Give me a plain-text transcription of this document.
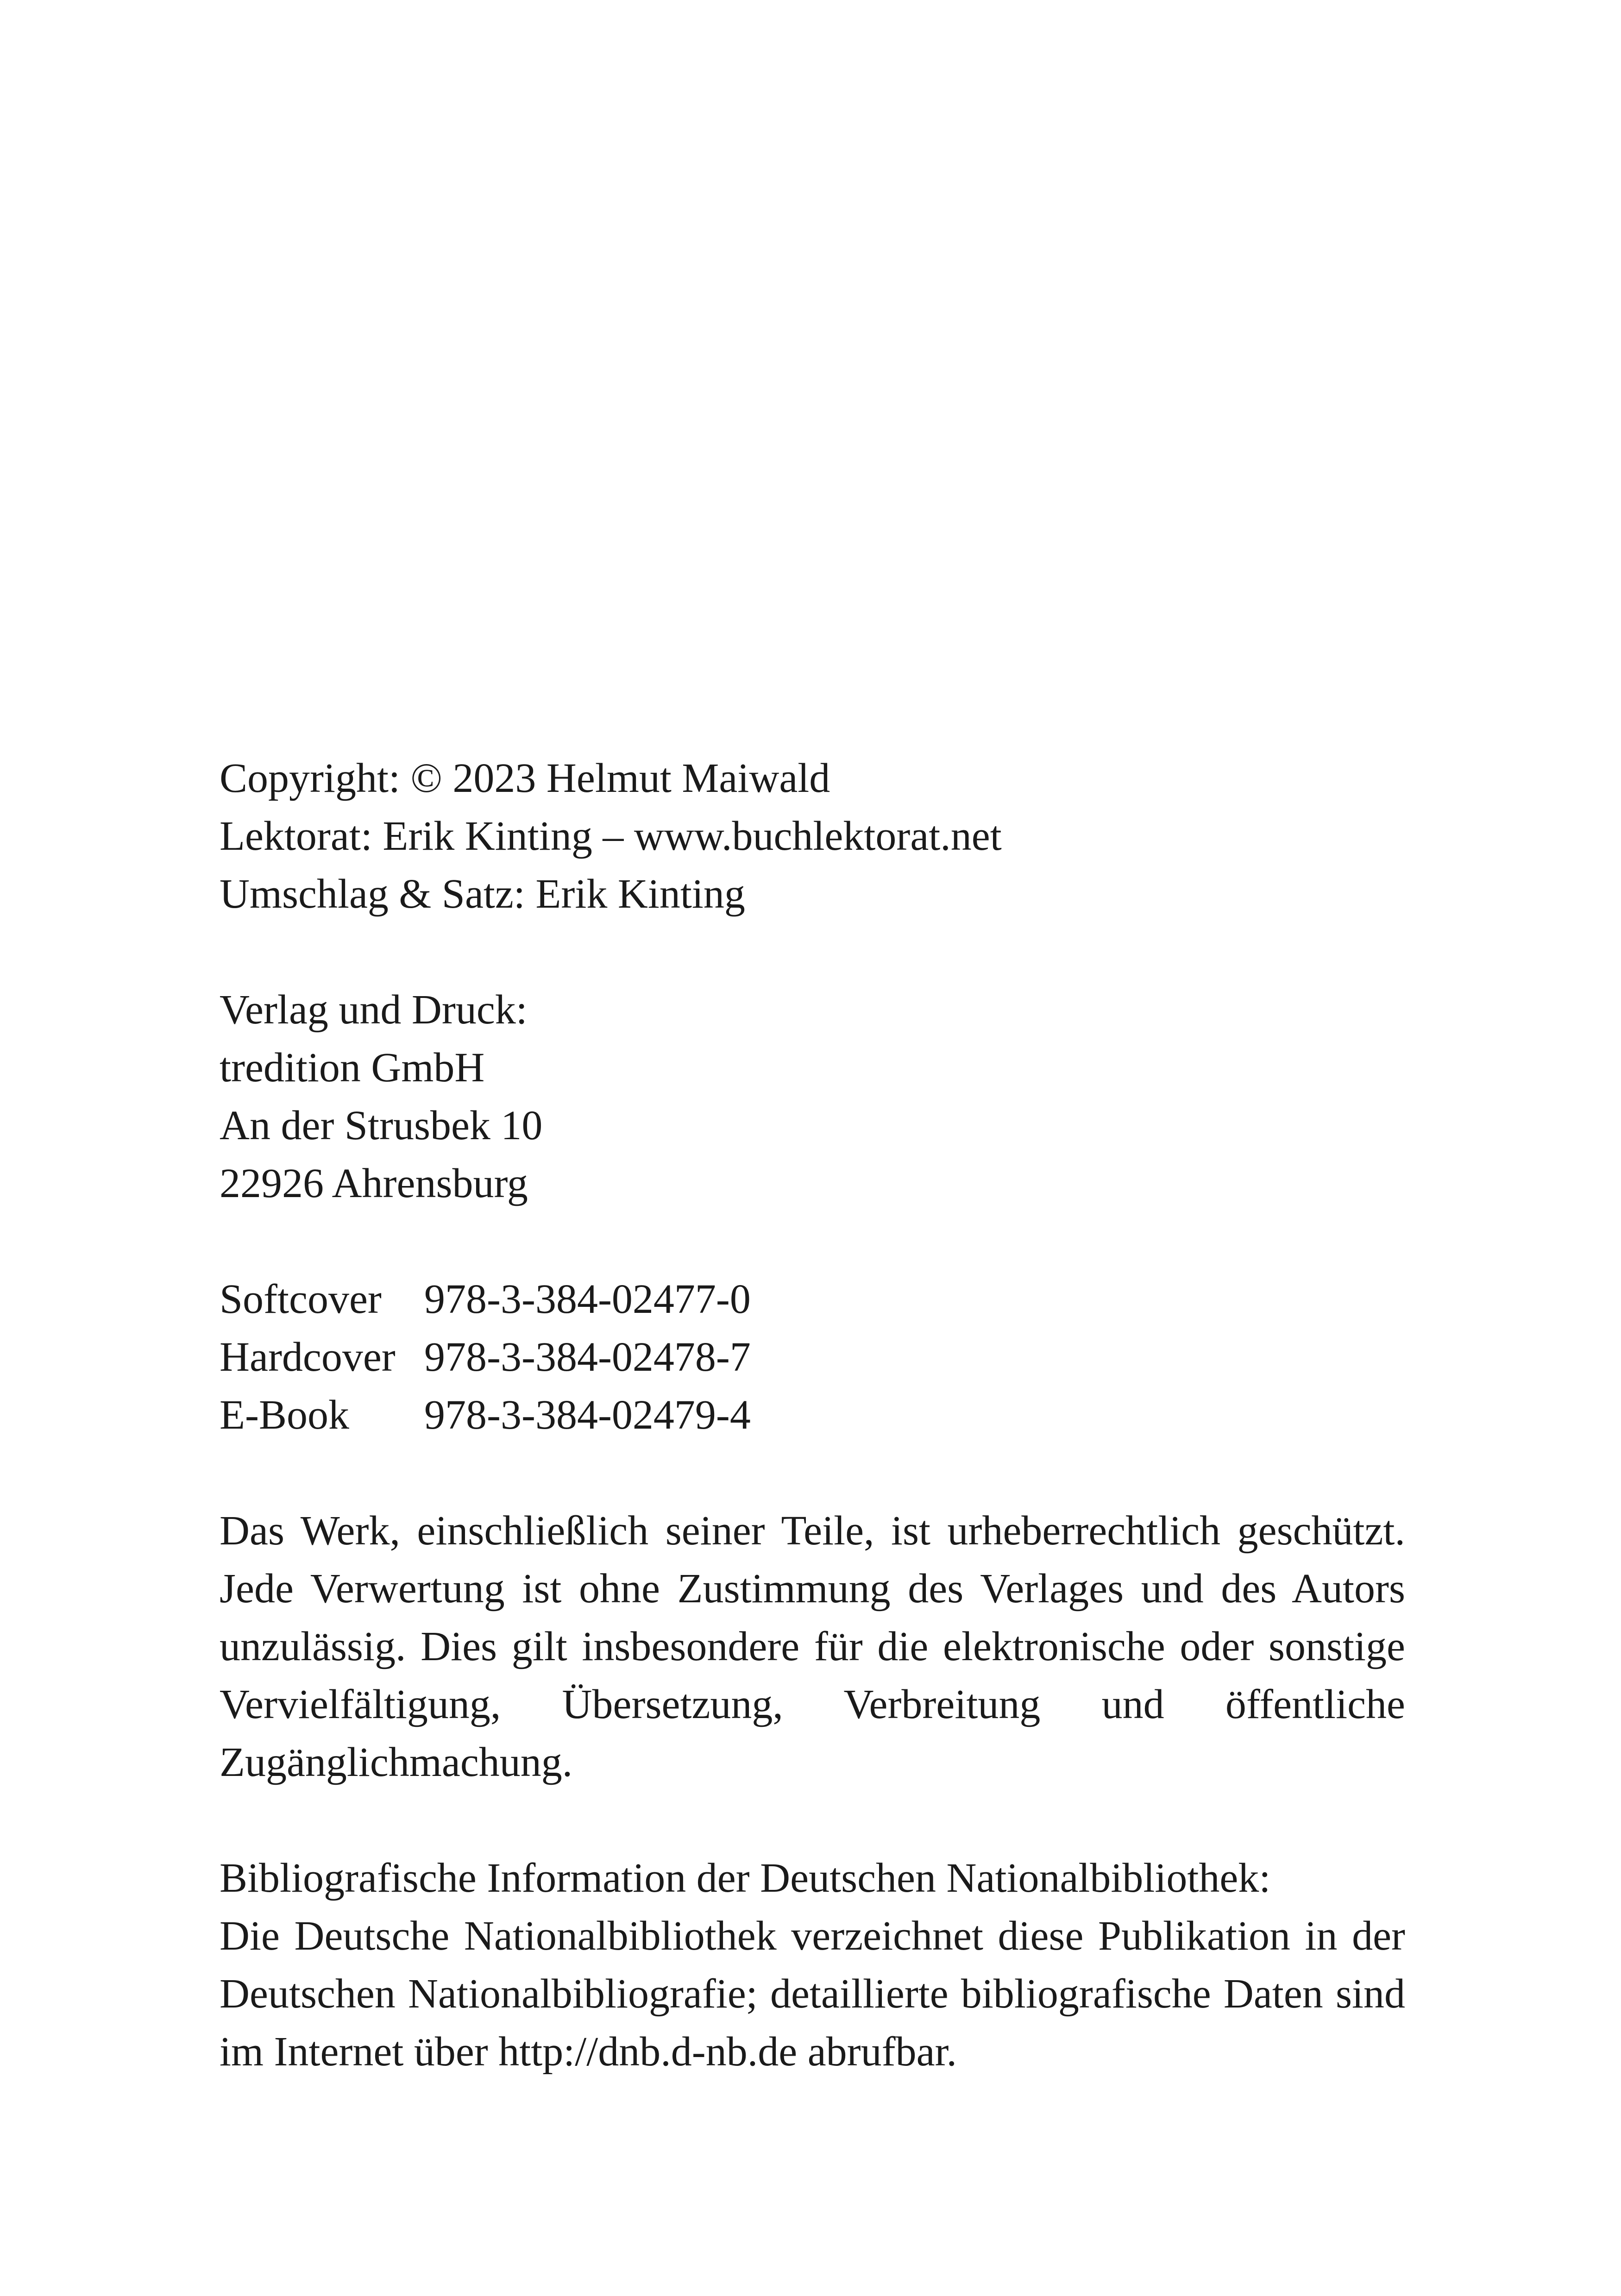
Copyright: © 2023 Helmut Maiwald
Lektorat: Erik Kinting – www.buchlektorat.net
Umschlag & Satz: Erik Kinting
Verlag und Druck:
tredition GmbH
An der Strusbek 10
22926 Ahrensburg
Softcover	978-3-384-02477-0
Hardcover 978-3-384-02478-7
E-Book	978-3-384-02479-4

Das Werk, einschließlich seiner Teile, ist urheberrechtlich geschützt. Jede Verwertung ist ohne Zustimmung des Verlages und des Autors unzulässig. Dies gilt insbesondere für die elektronische oder sonstige Vervielfältigung, Übersetzung, Verbreitung und öffentliche Zugänglichmachung.

Bibliografische Information der Deutschen Nationalbibliothek:

Die Deutsche Nationalbibliothek verzeichnet diese Publikation in der Deutschen Nationalbibliografie; detaillierte bibliografische Daten sind im Internet über http://dnb.d-nb.de abrufbar.
